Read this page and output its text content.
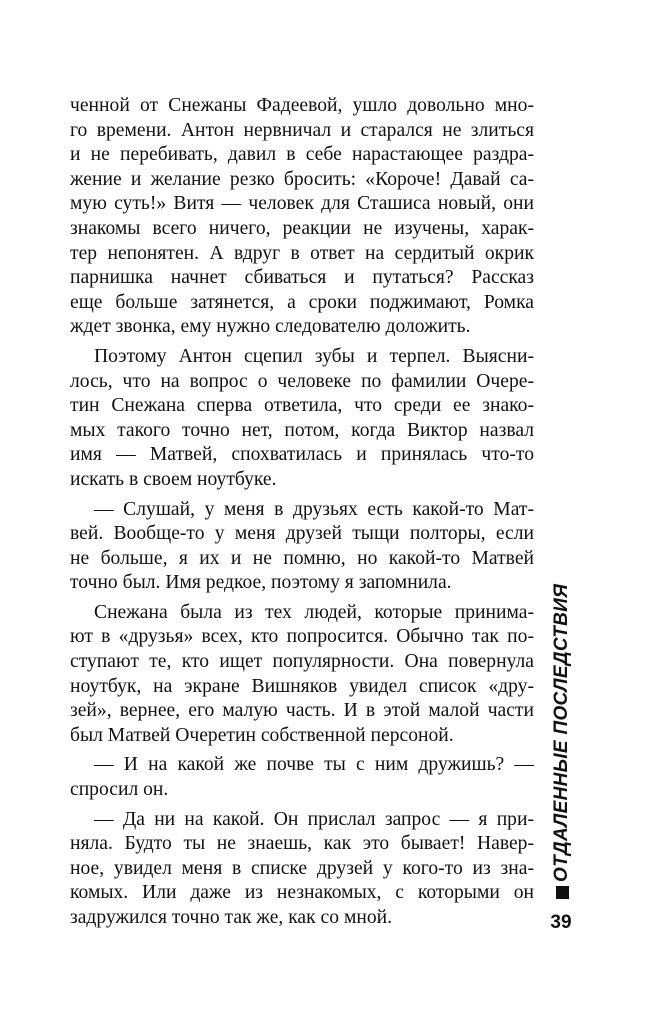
ченной от Снежаны Фадеевой, ушло довольно мно-
го времени. Антон нервничал и старался не злиться
и не перебивать, давил в себе нарастающее раздра-
жение и желание резко бросить: «Короче! Давай са-
мую суть!» Витя — человек для Сташиса новый, они
знакомы всего ничего, реакции не изучены, харак-
тер непонятен. А вдруг в ответ на сердитый окрик
парнишка начнет сбиваться и путаться? Рассказ
еще больше затянется, а сроки поджимают, Ромка
ждет звонка, ему нужно следователю доложить.
Поэтому Антон сцепил зубы и терпел. Выясни-
лось, что на вопрос о человеке по фамилии Очере-
тин Снежана сперва ответила, что среди ее знако-
мых такого точно нет, потом, когда Виктор назвал
имя — Матвей, спохватилась и принялась что-то
искать в своем ноутбуке.
— Слушай, у меня в друзьях есть какой-то Мат-
вей. Вообще-то у меня друзей тыщи полторы, если
не больше, я их и не помню, но какой-то Матвей
точно был. Имя редкое, поэтому я запомнила.
Снежана была из тех людей, которые принима-
ют в «друзья» всех, кто попросится. Обычно так по-
ступают те, кто ищет популярности. Она повернула
ноутбук, на экране Вишняков увидел список «дру-
зей», вернее, его малую часть. И в этой малой части
был Матвей Очеретин собственной персоной.
— И на какой же почве ты с ним дружишь? —
спросил он.
— Да ни на какой. Он прислал запрос — я при-
няла. Будто ты не знаешь, как это бывает! Навер-
ное, увидел меня в списке друзей у кого-то из зна-
комых. Или даже из незнакомых, с которыми он
задружился точно так же, как со мной.
ОТДАЛЕННЫЕ ПОСЛЕДСТВИЯ
39
